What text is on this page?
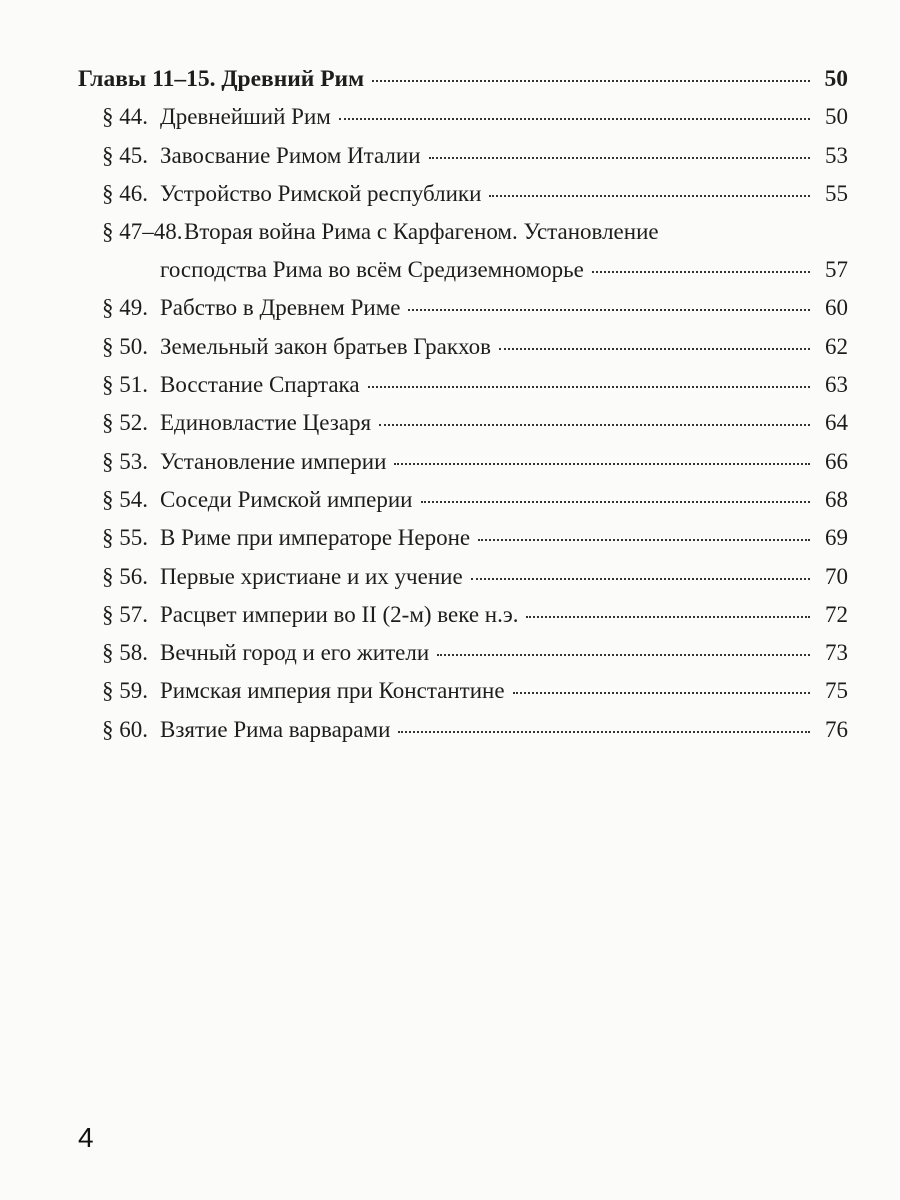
Главы 11–15. Древний Рим	50
§ 44. Древнейший Рим	50
§ 45. Завосвание Римом Италии	53
§ 46. Устройство Римской республики	55
§ 47–48. Вторая война Рима с Карфагеном. Установление
господства Рима во всём Средиземноморье	57
§ 49. Рабство в Древнем Риме	60
§ 50. Земельный закон братьев Гракхов	62
§ 51. Восстание Спартака	63
§ 52. Единовластие Цезаря	64
§ 53. Установление империи	66
§ 54. Соседи Римской империи	68
§ 55. В Риме при императоре Нероне	69
§ 56. Первые христиане и их учение	70
§ 57. Расцвет империи во II (2-м) веке н.э.	72
§ 58. Вечный город и его жители	73
§ 59. Римская империя при Константине	75
§ 60. Взятие Рима варварами	76
4
